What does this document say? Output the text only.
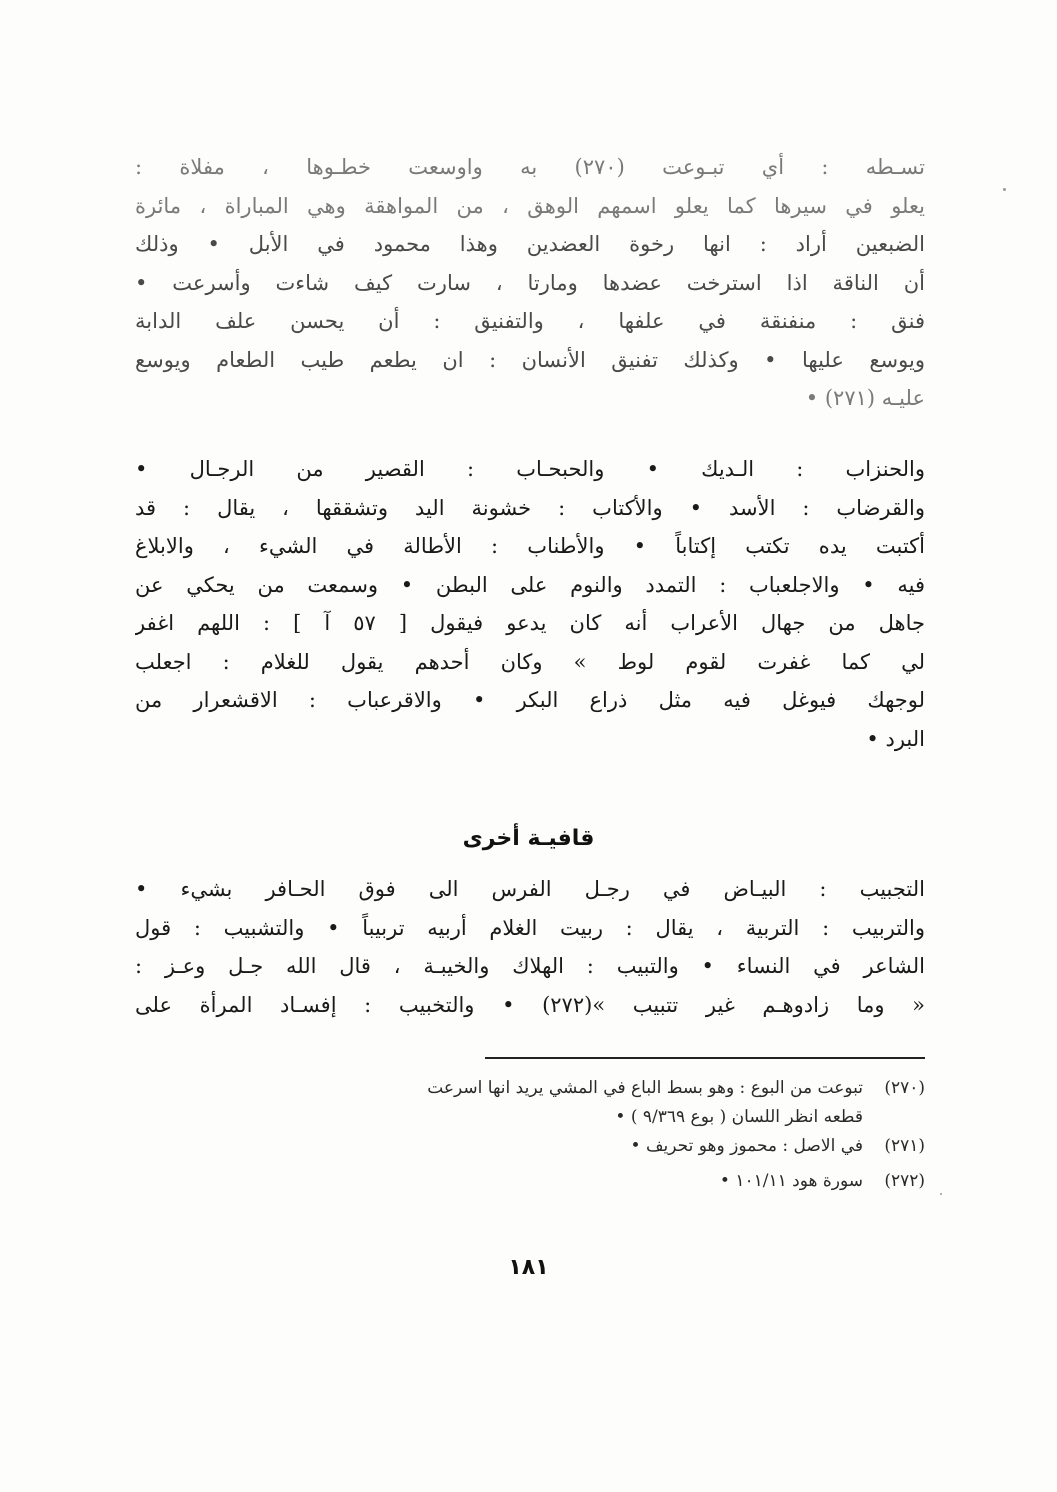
تسـطه : أي تبـوعت (٢٧٠) به واوسعت خطـوها ، مفلاة :
يعلو في سيرها كما يعلو اسمهم الوهق ، من المواهقة وهي المباراة ، مائرة
الضبعين أراد : انها رخوة العضدين وهذا محمود في الأبل • وذلك
أن الناقة اذا استرخت عضدها ومارتا ، سارت كيف شاءت وأسرعت •
فنق : منفنقة في علفها ، والتفنيق : أن يحسن علف الدابة
ويوسع عليها • وكذلك تفنيق الأنسان : ان يطعم طيب الطعام ويوسع
عليـه (٢٧١) •
والحنزاب : الـديك • والحبحـاب : القصير من الرجـال •
والقرضاب : الأسد • والأكتاب : خشونة اليد وتشققها ، يقال : قد
أكتبت يده تكتب إكتاباً • والأطناب : الأطالة في الشيء ، والابلاغ
فيه • والاجلعباب : التمدد والنوم على البطن • وسمعت من يحكي عن
جاهل من جهال الأعراب أنه كان يدعو فيقول [ ٥٧ آ ] : اللهم اغفر
لي كما غفرت لقوم لوط » وكان أحدهم يقول للغلام : اجعلب
لوجهك فيوغل فيه مثل ذراع البكر • والاقرعباب : الاقشعرار من
البرد •
قافيـة أخرى
التجبيب : البيـاض في رجـل الفرس الى فوق الحـافر بشيء •
والتربيب : التربية ، يقال : ربيت الغلام أربيه تربيباً • والتشبيب : قول
الشاعر في النساء • والتبيب : الهلاك والخيبـة ، قال الله جـل وعـز :
« وما زادوهـم غير تتبيب »(٢٧٢) • والتخبيب : إفسـاد المرأة على
(٢٧٠)
تبوعت من البوع : وهو بسط الباع في المشي يريد انها اسرعت
قطعه انظر اللسان ( بوع ٩/٣٦٩ ) •
(٢٧١)
في الاصل : محموز وهو تحريف •
(٢٧٢)
سورة هود ١٠١/١١ •
١٨١
